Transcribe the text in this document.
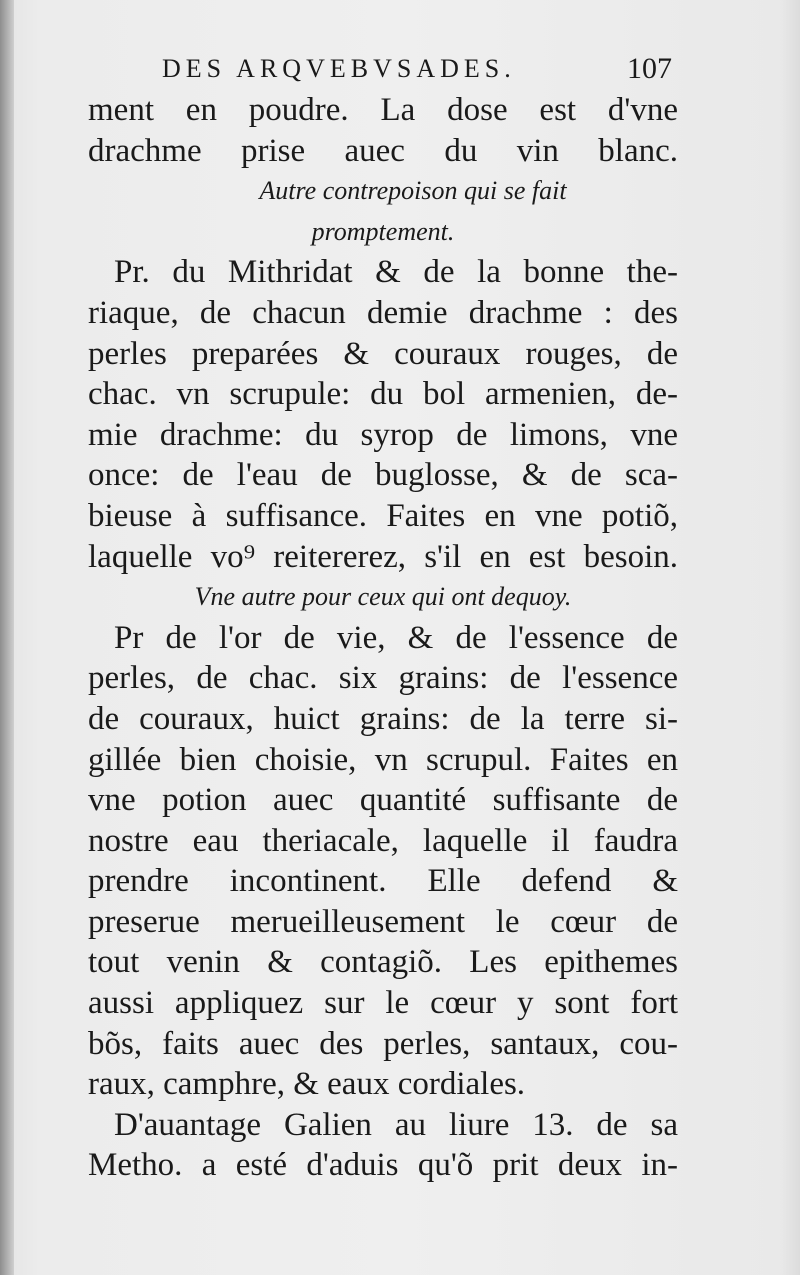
DES ARQVEBVSADES.	107
ment en poudre. La dose est d'vne
drachme prise auec du vin blanc.
Autre contrepoison qui se fait
promptement.
Pr. du Mithridat & de la bonne the-
riaque, de chacun demie drachme : des
perles preparées & couraux rouges, de
chac. vn scrupule: du bol armenien, de-
mie drachme: du syrop de limons, vne
once: de l'eau de buglosse, & de sca-
bieuse à suffisance. Faites en vne potiõ,
laquelle vo⁹ reitererez, s'il en est besoin.
Vne autre pour ceux qui ont dequoy.
Pr de l'or de vie, & de l'essence de
perles, de chac. six grains: de l'essence
de couraux, huict grains: de la terre si-
gillée bien choisie, vn scrupul. Faites en
vne potion auec quantité suffisante de
nostre eau theriacale, laquelle il faudra
prendre incontinent. Elle defend &
preserue merueilleusement le cœur de
tout venin & contagiõ. Les epithemes
aussi appliquez sur le cœur y sont fort
bõs, faits auec des perles, santaux, cou-
raux, camphre, & eaux cordiales.
D'auantage Galien au liure 13. de sa
Metho. a esté d'aduis qu'õ prit deux in-
